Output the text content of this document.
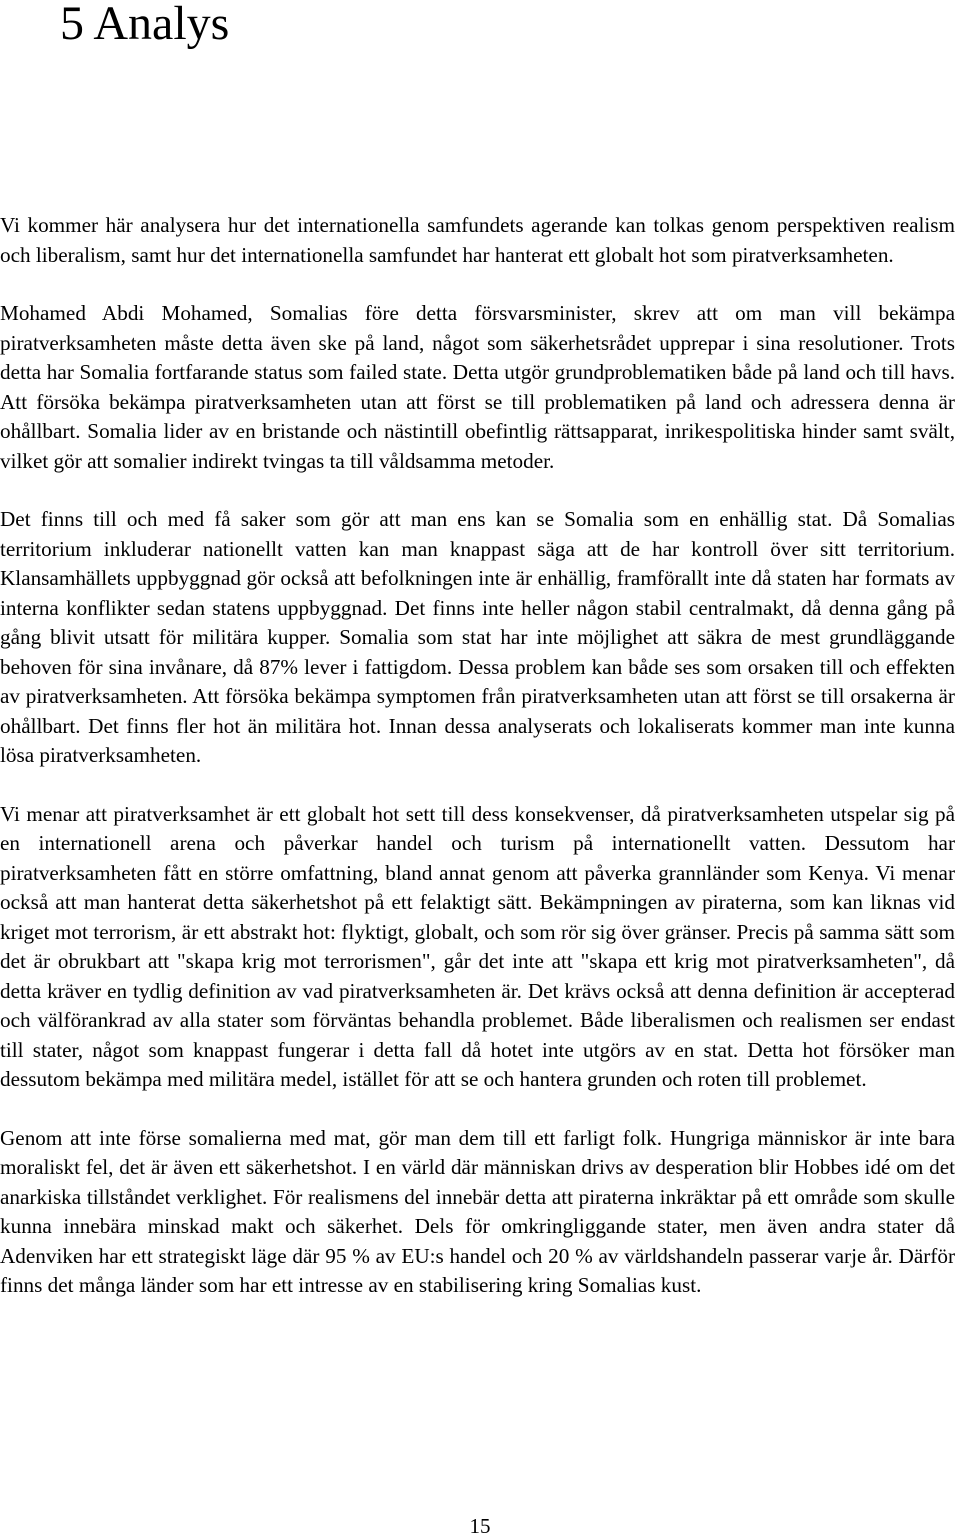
5 Analys

Vi kommer här analysera hur det internationella samfundets agerande kan tolkas genom perspektiven realism och liberalism, samt hur det internationella samfundet har hanterat ett globalt hot som piratverksamheten.

Mohamed Abdi Mohamed, Somalias före detta försvarsminister, skrev att om man vill bekämpa piratverksamheten måste detta även ske på land, något som säkerhetsrådet upprepar i sina resolutioner. Trots detta har Somalia fortfarande status som failed state. Detta utgör grundproblematiken både på land och till havs. Att försöka bekämpa piratverksamheten utan att först se till problematiken på land och adressera denna är ohållbart. Somalia lider av en bristande och nästintill obefintlig rättsapparat, inrikespolitiska hinder samt svält, vilket gör att somalier indirekt tvingas ta till våldsamma metoder.

Det finns till och med få saker som gör att man ens kan se Somalia som en enhällig stat. Då Somalias territorium inkluderar nationellt vatten kan man knappast säga att de har kontroll över sitt territorium. Klansamhällets uppbyggnad gör också att befolkningen inte är enhällig, framförallt inte då staten har formats av interna konflikter sedan statens uppbyggnad. Det finns inte heller någon stabil centralmakt, då denna gång på gång blivit utsatt för militära kupper. Somalia som stat har inte möjlighet att säkra de mest grundläggande behoven för sina invånare, då 87% lever i fattigdom. Dessa problem kan både ses som orsaken till och effekten av piratverksamheten. Att försöka bekämpa symptomen från piratverksamheten utan att först se till orsakerna är ohållbart. Det finns fler hot än militära hot. Innan dessa analyserats och lokaliserats kommer man inte kunna lösa piratverksamheten.

Vi menar att piratverksamhet är ett globalt hot sett till dess konsekvenser, då piratverksamheten utspelar sig på en internationell arena och påverkar handel och turism på internationellt vatten. Dessutom har piratverksamheten fått en större omfattning, bland annat genom att påverka grannländer som Kenya. Vi menar också att man hanterat detta säkerhetshot på ett felaktigt sätt. Bekämpningen av piraterna, som kan liknas vid kriget mot terrorism, är ett abstrakt hot: flyktigt, globalt, och som rör sig över gränser. Precis på samma sätt som det är obrukbart att "skapa krig mot terrorismen", går det inte att "skapa ett krig mot piratverksamheten", då detta kräver en tydlig definition av vad piratverksamheten är. Det krävs också att denna definition är accepterad och välförankrad av alla stater som förväntas behandla problemet. Både liberalismen och realismen ser endast till stater, något som knappast fungerar i detta fall då hotet inte utgörs av en stat. Detta hot försöker man dessutom bekämpa med militära medel, istället för att se och hantera grunden och roten till problemet.

Genom att inte förse somalierna med mat, gör man dem till ett farligt folk. Hungriga människor är inte bara moraliskt fel, det är även ett säkerhetshot. I en värld där människan drivs av desperation blir Hobbes idé om det anarkiska tillståndet verklighet. För realismens del innebär detta att piraterna inkräktar på ett område som skulle kunna innebära minskad makt och säkerhet. Dels för omkringliggande stater, men även andra stater då Adenviken har ett strategiskt läge där 95 % av EU:s handel och 20 % av världshandeln passerar varje år. Därför finns det många länder som har ett intresse av en stabilisering kring Somalias kust.

15
